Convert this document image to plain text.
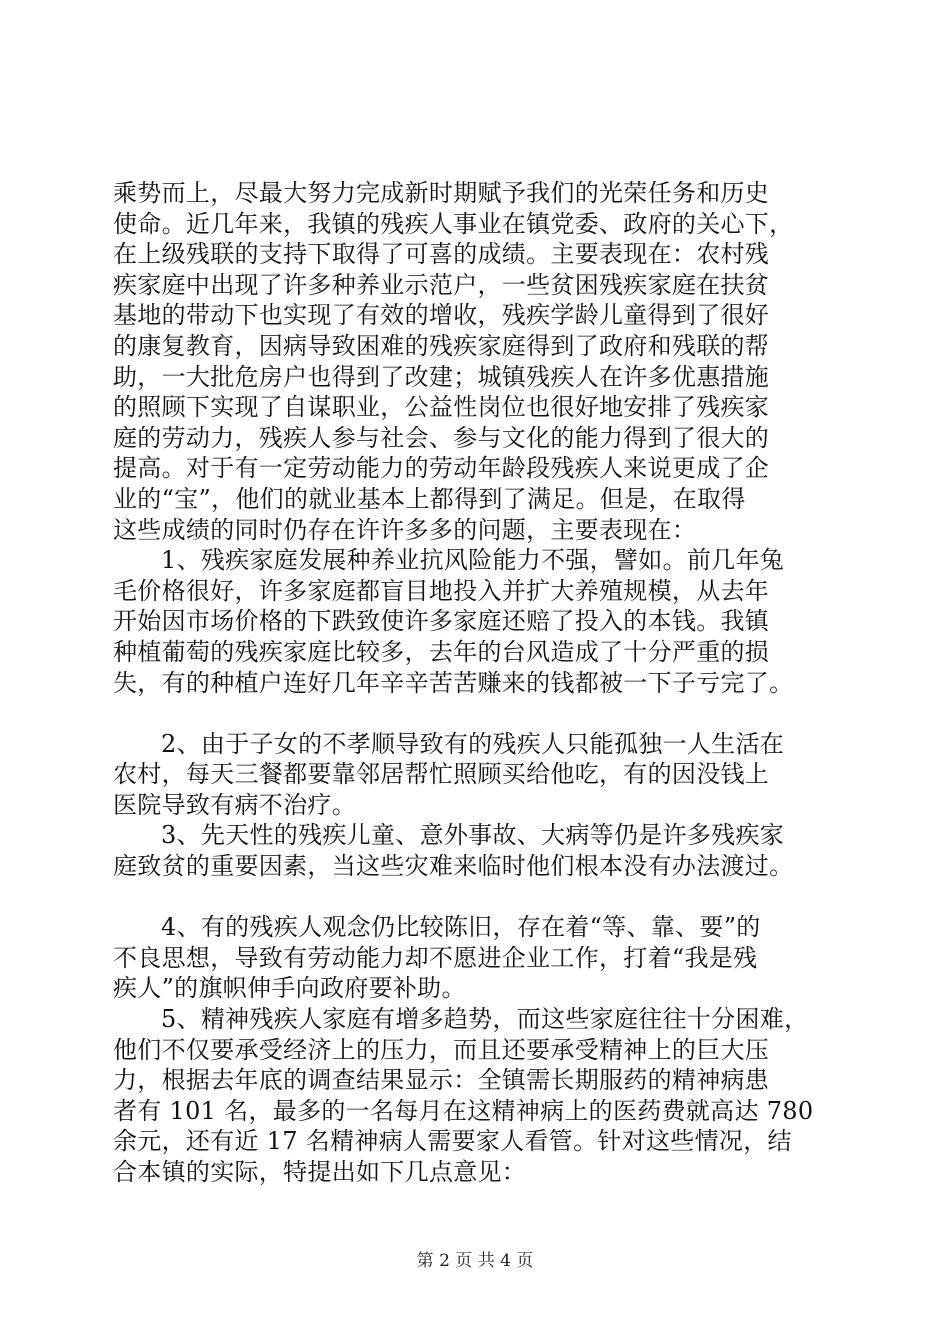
乘势而上，尽最大努力完成新时期赋予我们的光荣任务和历史
使命。近几年来，我镇的残疾人事业在镇党委、政府的关心下，
在上级残联的支持下取得了可喜的成绩。主要表现在：农村残
疾家庭中出现了许多种养业示范户，一些贫困残疾家庭在扶贫
基地的带动下也实现了有效的增收，残疾学龄儿童得到了很好
的康复教育，因病导致困难的残疾家庭得到了政府和残联的帮
助，一大批危房户也得到了改建；城镇残疾人在许多优惠措施
的照顾下实现了自谋职业，公益性岗位也很好地安排了残疾家
庭的劳动力，残疾人参与社会、参与文化的能力得到了很大的
提高。对于有一定劳动能力的劳动年龄段残疾人来说更成了企
业的“宝”，他们的就业基本上都得到了满足。但是，在取得
这些成绩的同时仍存在许许多多的问题，主要表现在：
1、残疾家庭发展种养业抗风险能力不强，譬如。前几年兔
毛价格很好，许多家庭都盲目地投入并扩大养殖规模，从去年
开始因市场价格的下跌致使许多家庭还赔了投入的本钱。我镇
种植葡萄的残疾家庭比较多，去年的台风造成了十分严重的损
失，有的种植户连好几年辛辛苦苦赚来的钱都被一下子亏完了。
2、由于子女的不孝顺导致有的残疾人只能孤独一人生活在
农村，每天三餐都要靠邻居帮忙照顾买给他吃，有的因没钱上
医院导致有病不治疗。
3、先天性的残疾儿童、意外事故、大病等仍是许多残疾家
庭致贫的重要因素，当这些灾难来临时他们根本没有办法渡过。
4、有的残疾人观念仍比较陈旧，存在着“等、靠、要”的
不良思想，导致有劳动能力却不愿进企业工作，打着“我是残
疾人”的旗帜伸手向政府要补助。
5、精神残疾人家庭有增多趋势，而这些家庭往往十分困难，
他们不仅要承受经济上的压力，而且还要承受精神上的巨大压
力，根据去年底的调查结果显示：全镇需长期服药的精神病患
者有 101 名，最多的一名每月在这精神病上的医药费就高达 780
余元，还有近 17 名精神病人需要家人看管。针对这些情况，结
合本镇的实际，特提出如下几点意见：
第 2 页 共 4 页
